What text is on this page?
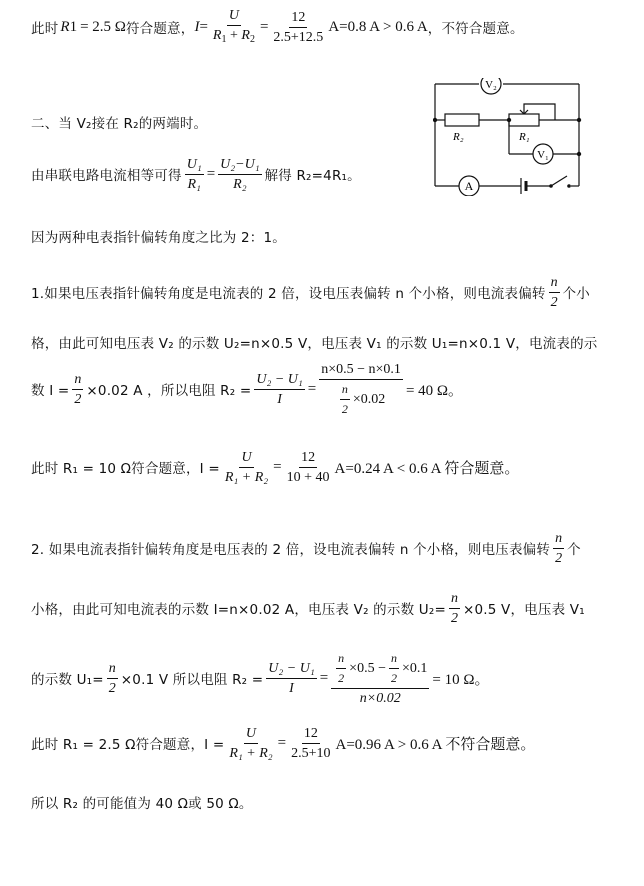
此时 R 1 = 2.5 Ω 符合题意， $I = \frac{U}{R_1 + R_2} = \frac{12}{2.5+12.5} A=0.8$ A > 0.6 A ，不符合题意。
二、当 V₂接在 R₂的两端时。
V₂
V₁
A
R₂	R₁
由串联电路电流相等可得 $\frac{\text{U₁}}{\text{R₁}} = \frac{\text{U₂−U₁}}{\text{R₂}}$ 解得 R₂=4R₁。
因为两种电表指针偏转角度之比为 2：1。
1.如果电压表指针偏转角度是电流表的 2 倍，设电压表偏转 n 个小格，则电流表偏转 $\frac{n}{2}$ 个小
格，由此可知电压表 V₂ 的示数 U₂=n×0.5 V，电压表 V₁ 的示数 U₁=n×0.1 V，电流表的示
数 $I = \frac{n}{2} \times 0.02$ A ，所以电阻 $R_2 = \frac{\text{U₂ − U₁}}{I} = \frac{n\times 0.5 - n\times 0.1}{\frac{n}{2} \times 0.02} = 40$ Ω。
此时 R₁ = 10 Ω符合题意，$I = \frac{U}{\text{R₁ + R₂}} = \frac{12}{10 + 40} A=0.24$ A < 0.6 A 符合题意。
2. 如果电流表指针偏转角度是电压表的 2 倍，设电流表偏转 n 个小格，则电压表偏转 $\frac{n}{2}$ 个
小格，由此可知电流表的示数 I=n×0.02 A，电压表 V₂ 的示数 $U_2= \frac{n}{2} \times 0.5$ V，电压表 V₁
的示数 $U_1= \frac{n}{2} \times 0.1$ V 所以电阻 $R_2 = \frac{\text{U₂ − U₁}}{I} = \frac{n}{2} \times 0.5 - \frac{n}{2} \times 0.1$
n×0.02
= 10 Ω。
此时 R₁ = 2.5 Ω符合题意，$I = \frac{U}{\text{R₁ + R₂}} = \frac{12}{2.5+10} A=0.96$ A > 0.6 A 不符合题意。
所以 R₂ 的可能值为 40 Ω或 50 Ω。
